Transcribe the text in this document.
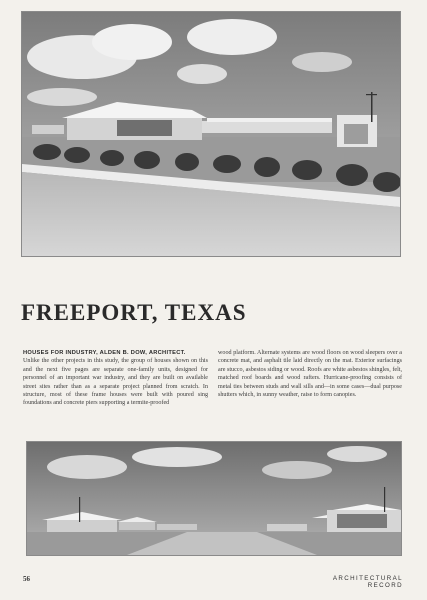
FREEPORT, TEXAS

HOUSES FOR INDUSTRY, ALDEN B. DOW, ARCHITECT.
Unlike the other projects in this study, the group of houses shown on this and the next five pages are separate one-family units, designed for personnel of an important war industry, and they are built on available street sites rather than as a separate project planned from scratch. In structure, most of these frame houses were built with poured sing foundations and concrete piers supporting a termite-proofed

wood platform. Alternate systems are wood floors on wood sleepers over a concrete mat, and asphalt tile laid directly on the mat. Exterior surfacings are stucco, asbestos siding or wood. Roofs are white asbestos shingles, felt, matched roof boards and wood rafters. Hurricane-proofing consists of metal ties between studs and wall sills and—in some cases—dual purpose shutters which, in sunny weather, raise to form canopies.

56	ARCHITECTURAL RECORD
